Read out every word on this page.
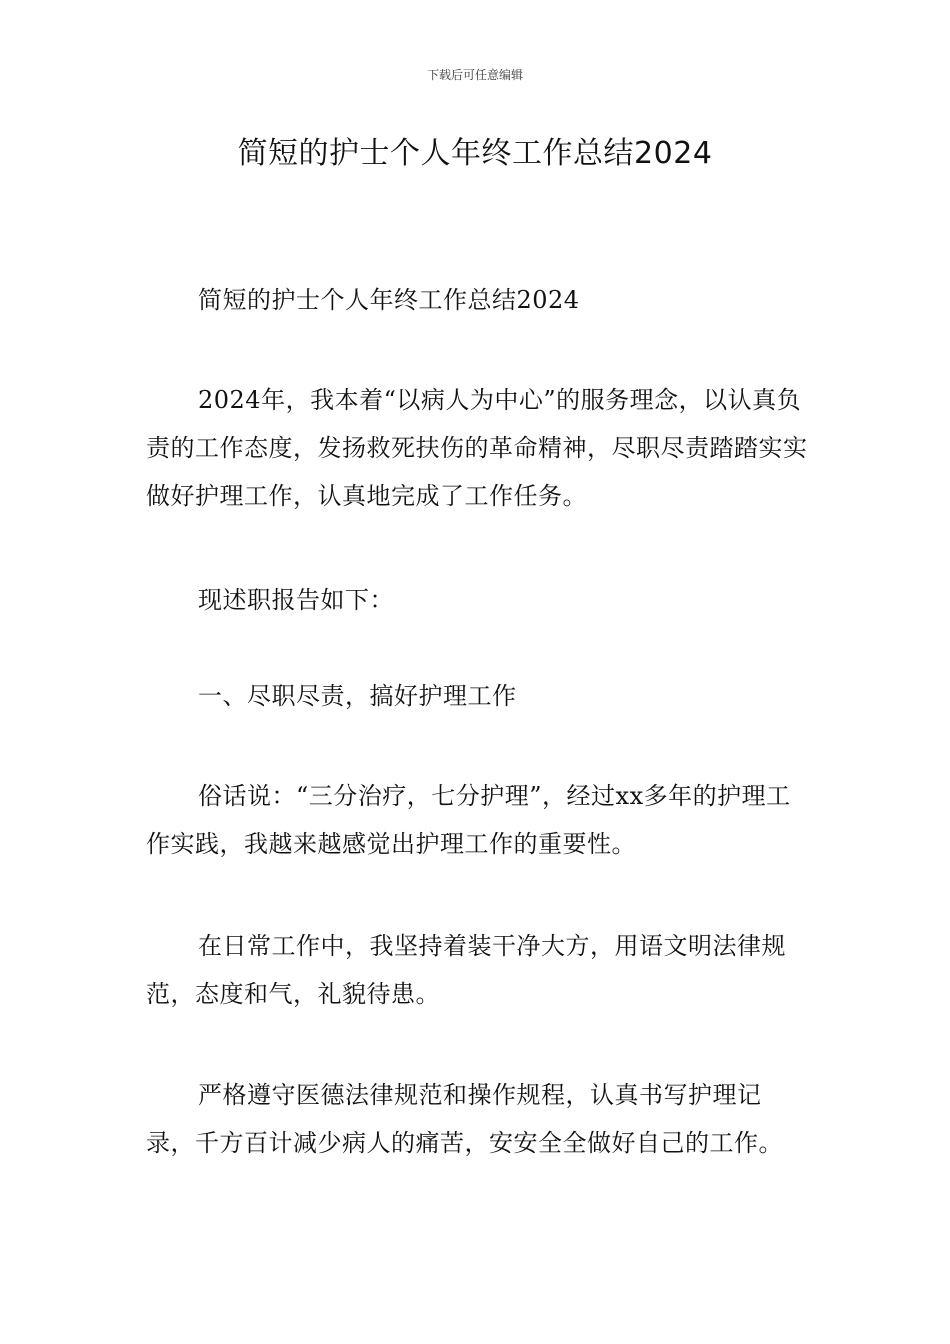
下载后可任意编辑
简短的护士个人年终工作总结2024

简短的护士个人年终工作总结2024

2024年，我本着“以病人为中心”的服务理念，以认真负责的工作态度，发扬救死扶伤的革命精神，尽职尽责踏踏实实做好护理工作，认真地完成了工作任务。

现述职报告如下：

一、尽职尽责，搞好护理工作

俗话说：“三分治疗，七分护理”，经过xx多年的护理工作实践，我越来越感觉出护理工作的重要性。

在日常工作中，我坚持着装干净大方，用语文明法律规范，态度和气，礼貌待患。

严格遵守医德法律规范和操作规程，认真书写护理记录，千方百计减少病人的痛苦，安安全全做好自己的工作。
